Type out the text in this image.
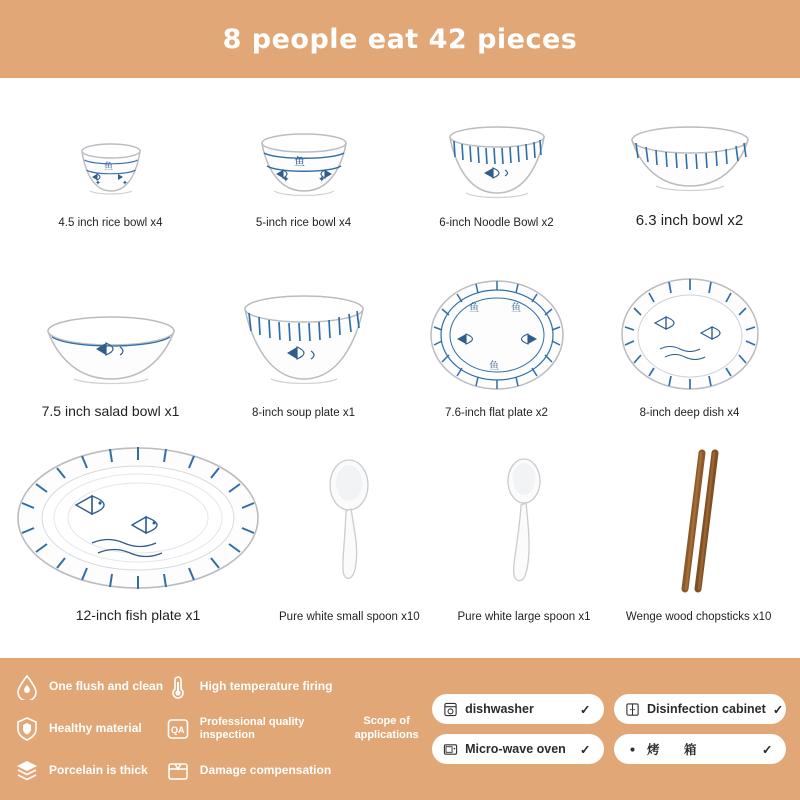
8 people eat 42 pieces
鱼
✦	✦
4.5 inch rice bowl x4
鱼
✦	✦
5-inch rice bowl x4	6-inch Noodle Bowl x2	6.3 inch bowl x2
7.5 inch salad bowl x1	8-inch soup plate x1
鱼	鱼
鱼
7.6-inch flat plate x2	8-inch deep dish x4
12-inch fish plate x1	Pure white small spoon x10	Pure white large spoon x1	Wenge wood chopsticks x10
One flush and clean
Healthy material
Porcelain is thick
High temperature firing
QA
Professional quality inspection
Damage compensation
Scope of applications
dishwasher	✓	Disinfection cabinet ✓
Micro-wave oven	✓	烤　箱	✓
